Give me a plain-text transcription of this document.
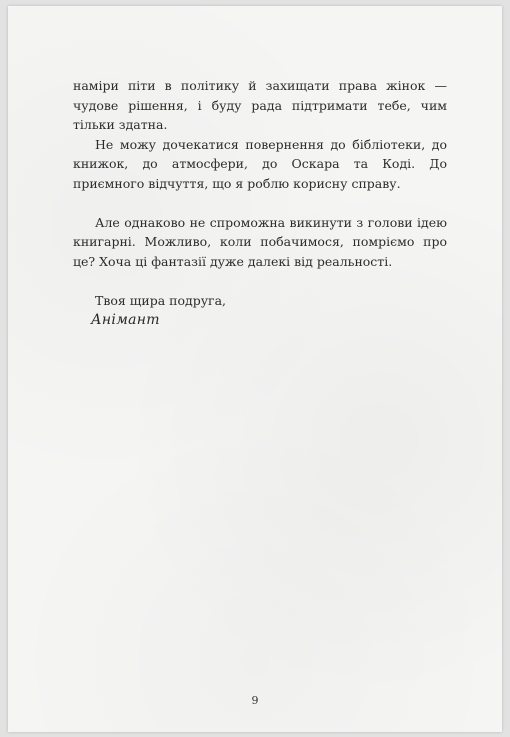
наміри піти в політику й захищати права жінок — чудове рішення, і буду рада підтримати тебе, чим тільки здатна.

Не можу дочекатися повернення до бібліотеки, до книжок, до атмосфери, до Оскара та Коді. До приємного відчуття, що я роблю корисну справу.

Але однаково не спроможна викинути з голови ідею книгарні. Можливо, коли побачимося, помріємо про це? Хоча ці фантазії дуже далекі від реальності.

Твоя щира подруга,

Анімант
9
